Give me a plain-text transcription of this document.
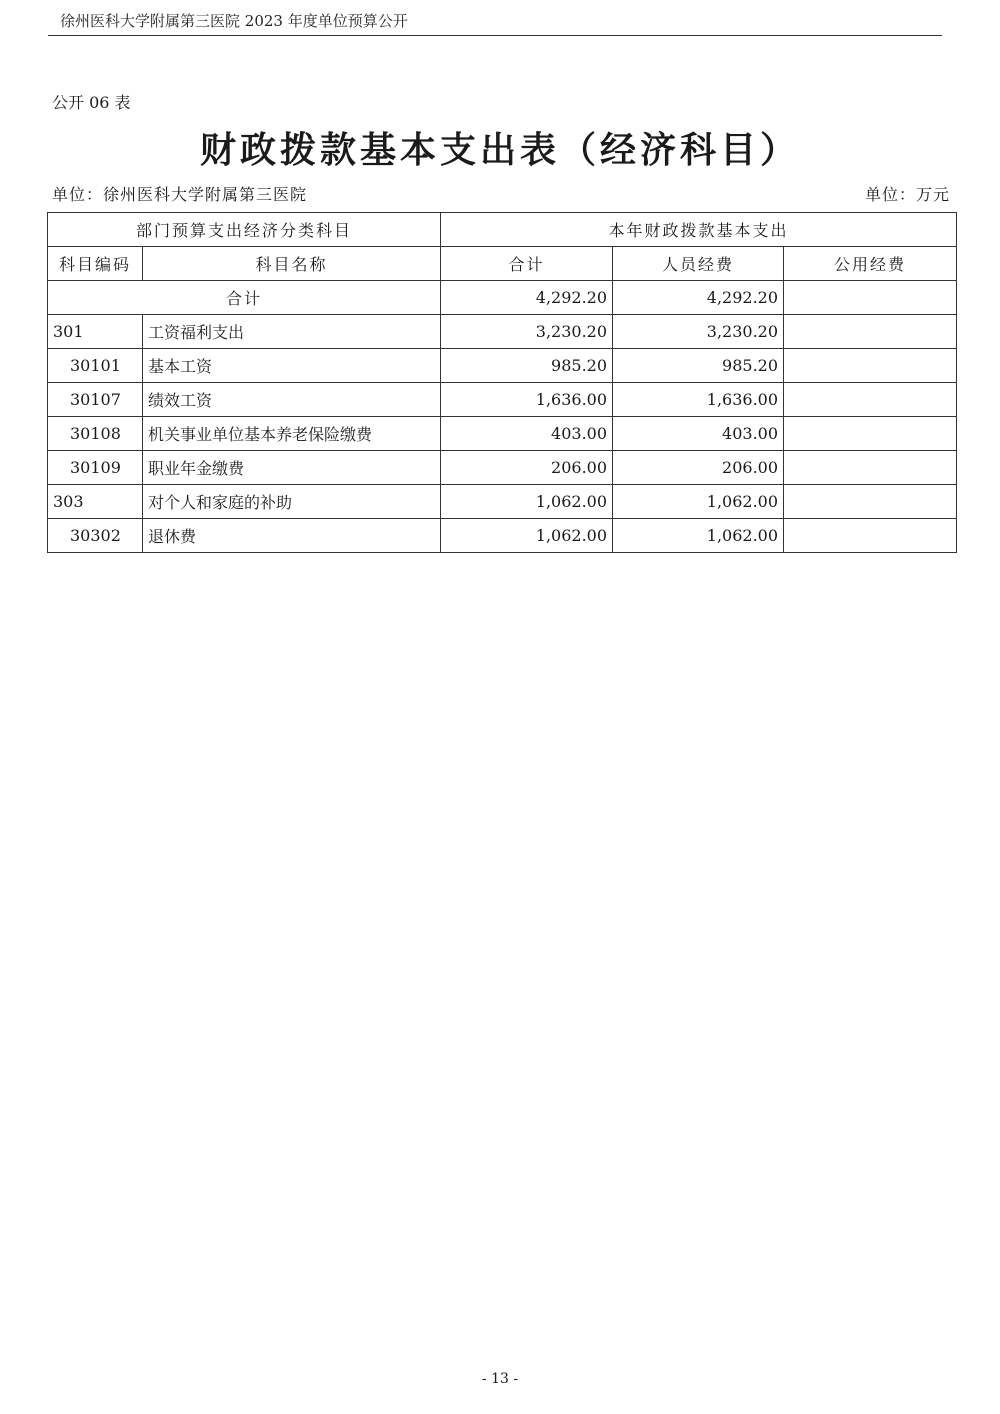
徐州医科大学附属第三医院 2023 年度单位预算公开
公开 06 表
财政拨款基本支出表（经济科目）
单位：徐州医科大学附属第三医院	单位：万元
部门预算支出经济分类科目		本年财政拨款基本支出		
科目编码	科目名称	合计	人员经费	公用经费
合计		4,292.20	4,292.20	
301	工资福利支出	3,230.20	3,230.20	
30101	基本工资	985.20	985.20	
30107	绩效工资	1,636.00	1,636.00	
30108	机关事业单位基本养老保险缴费	403.00	403.00	
30109	职业年金缴费	206.00	206.00	
303	对个人和家庭的补助	1,062.00	1,062.00	
30302	退休费	1,062.00	1,062.00	
- 13 -
